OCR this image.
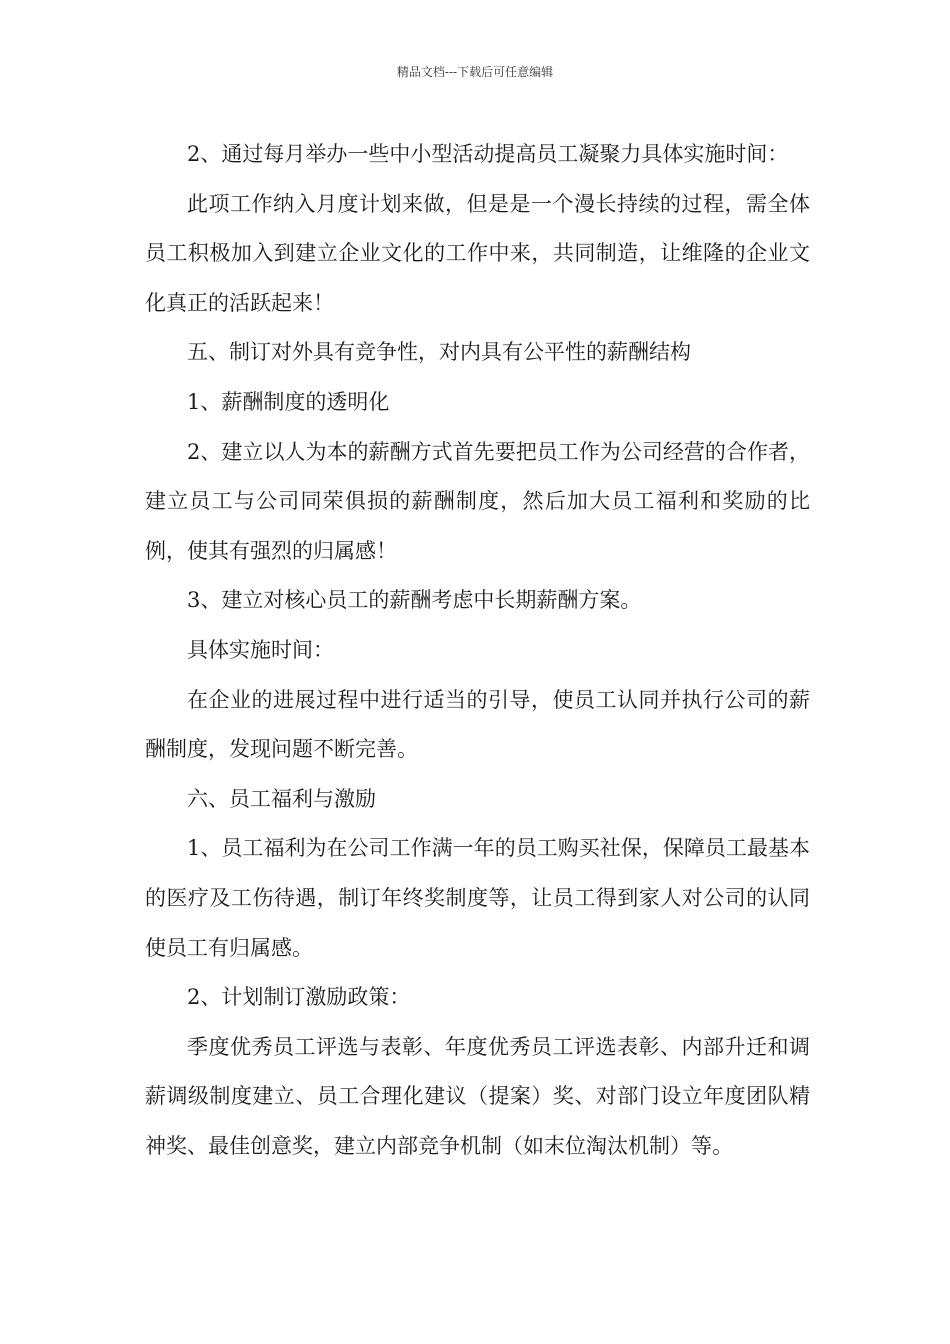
精品文档---下载后可任意编辑

2、通过每月举办一些中小型活动提高员工凝聚力具体实施时间：

此项工作纳入月度计划来做，但是是一个漫长持续的过程，需全体员工积极加入到建立企业文化的工作中来，共同制造，让维隆的企业文化真正的活跃起来！

五、制订对外具有竞争性，对内具有公平性的薪酬结构

1、薪酬制度的透明化

2、建立以人为本的薪酬方式首先要把员工作为公司经营的合作者，建立员工与公司同荣俱损的薪酬制度，然后加大员工福利和奖励的比例，使其有强烈的归属感！

3、建立对核心员工的薪酬考虑中长期薪酬方案。

具体实施时间：

在企业的进展过程中进行适当的引导，使员工认同并执行公司的薪酬制度，发现问题不断完善。

六、员工福利与激励

1、员工福利为在公司工作满一年的员工购买社保，保障员工最基本的医疗及工伤待遇，制订年终奖制度等，让员工得到家人对公司的认同使员工有归属感。

2、计划制订激励政策：

季度优秀员工评选与表彰、年度优秀员工评选表彰、内部升迁和调薪调级制度建立、员工合理化建议（提案）奖、对部门设立年度团队精神奖、最佳创意奖，建立内部竞争机制（如末位淘汰机制）等。
